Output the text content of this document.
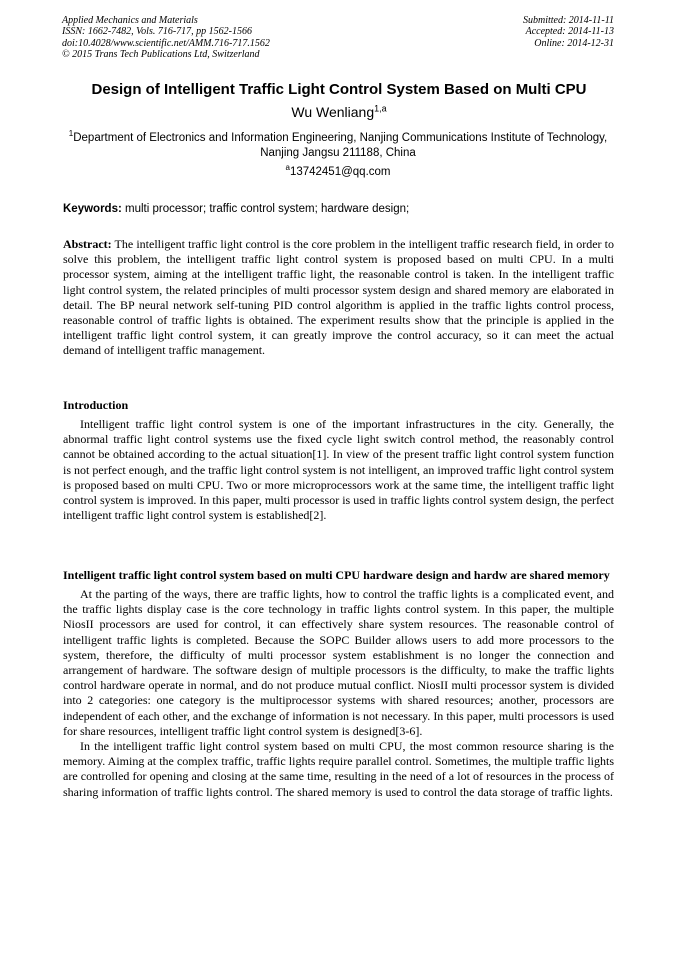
Applied Mechanics and Materials
ISSN: 1662-7482, Vols. 716-717, pp 1562-1566
doi:10.4028/www.scientific.net/AMM.716-717.1562
© 2015 Trans Tech Publications Ltd, Switzerland
Submitted: 2014-11-11
Accepted: 2014-11-13
Online: 2014-12-31
Design of Intelligent Traffic Light Control System Based on Multi CPU
Wu Wenliang$^{1,a}$
$^1$Department of Electronics and Information Engineering, Nanjing Communications Institute of Technology, Nanjing Jangsu 211188, China
$^a$13742451@qq.com
Keywords: multi processor; traffic control system; hardware design;
Abstract: The intelligent traffic light control is the core problem in the intelligent traffic research field, in order to solve this problem, the intelligent traffic light control system is proposed based on multi CPU. In a multi processor system, aiming at the intelligent traffic light, the reasonable control is taken. In the intelligent traffic light control system, the related principles of multi processor system design and shared memory are elaborated in detail. The BP neural network self-tuning PID control algorithm is applied in the traffic lights control process, reasonable control of traffic lights is obtained. The experiment results show that the principle is applied in the intelligent traffic light control system, it can greatly improve the control accuracy, so it can meet the actual demand of intelligent traffic management.
Introduction

Intelligent traffic light control system is one of the important infrastructures in the city. Generally, the abnormal traffic light control systems use the fixed cycle light switch control method, the reasonably control cannot be obtained according to the actual situation[1]. In view of the present traffic light control system function is not perfect enough, and the traffic light control system is not intelligent, an improved traffic light control system is proposed based on multi CPU. Two or more microprocessors work at the same time, the intelligent traffic light control system is improved. In this paper, multi processor is used in traffic lights control system design, the perfect intelligent traffic light control system is established[2].

Intelligent traffic light control system based on multi CPU hardware design and hardw are shared memory

At the parting of the ways, there are traffic lights, how to control the traffic lights is a complicated event, and the traffic lights display case is the core technology in traffic lights control system. In this paper, the multiple NiosII processors are used for control, it can effectively share system resources. The reasonable control of intelligent traffic lights is completed. Because the SOPC Builder allows users to add more processors to the system, therefore, the difficulty of multi processor system establishment is no longer the connection and arrangement of hardware. The software design of multiple processors is the difficulty, to make the traffic lights control hardware operate in normal, and do not produce mutual conflict. NiosII multi processor system is divided into 2 categories: one category is the multiprocessor systems with shared resources; another, processors are independent of each other, and the exchange of information is not necessary. In this paper, multi processors is used for share resources, intelligent traffic light control system is designed[3-6].

In the intelligent traffic light control system based on multi CPU, the most common resource sharing is the memory. Aiming at the complex traffic, traffic lights require parallel control. Sometimes, the multiple traffic lights are controlled for opening and closing at the same time, resulting in the need of a lot of resources in the process of sharing information of traffic lights control. The shared memory is used to control the data storage of traffic lights.
